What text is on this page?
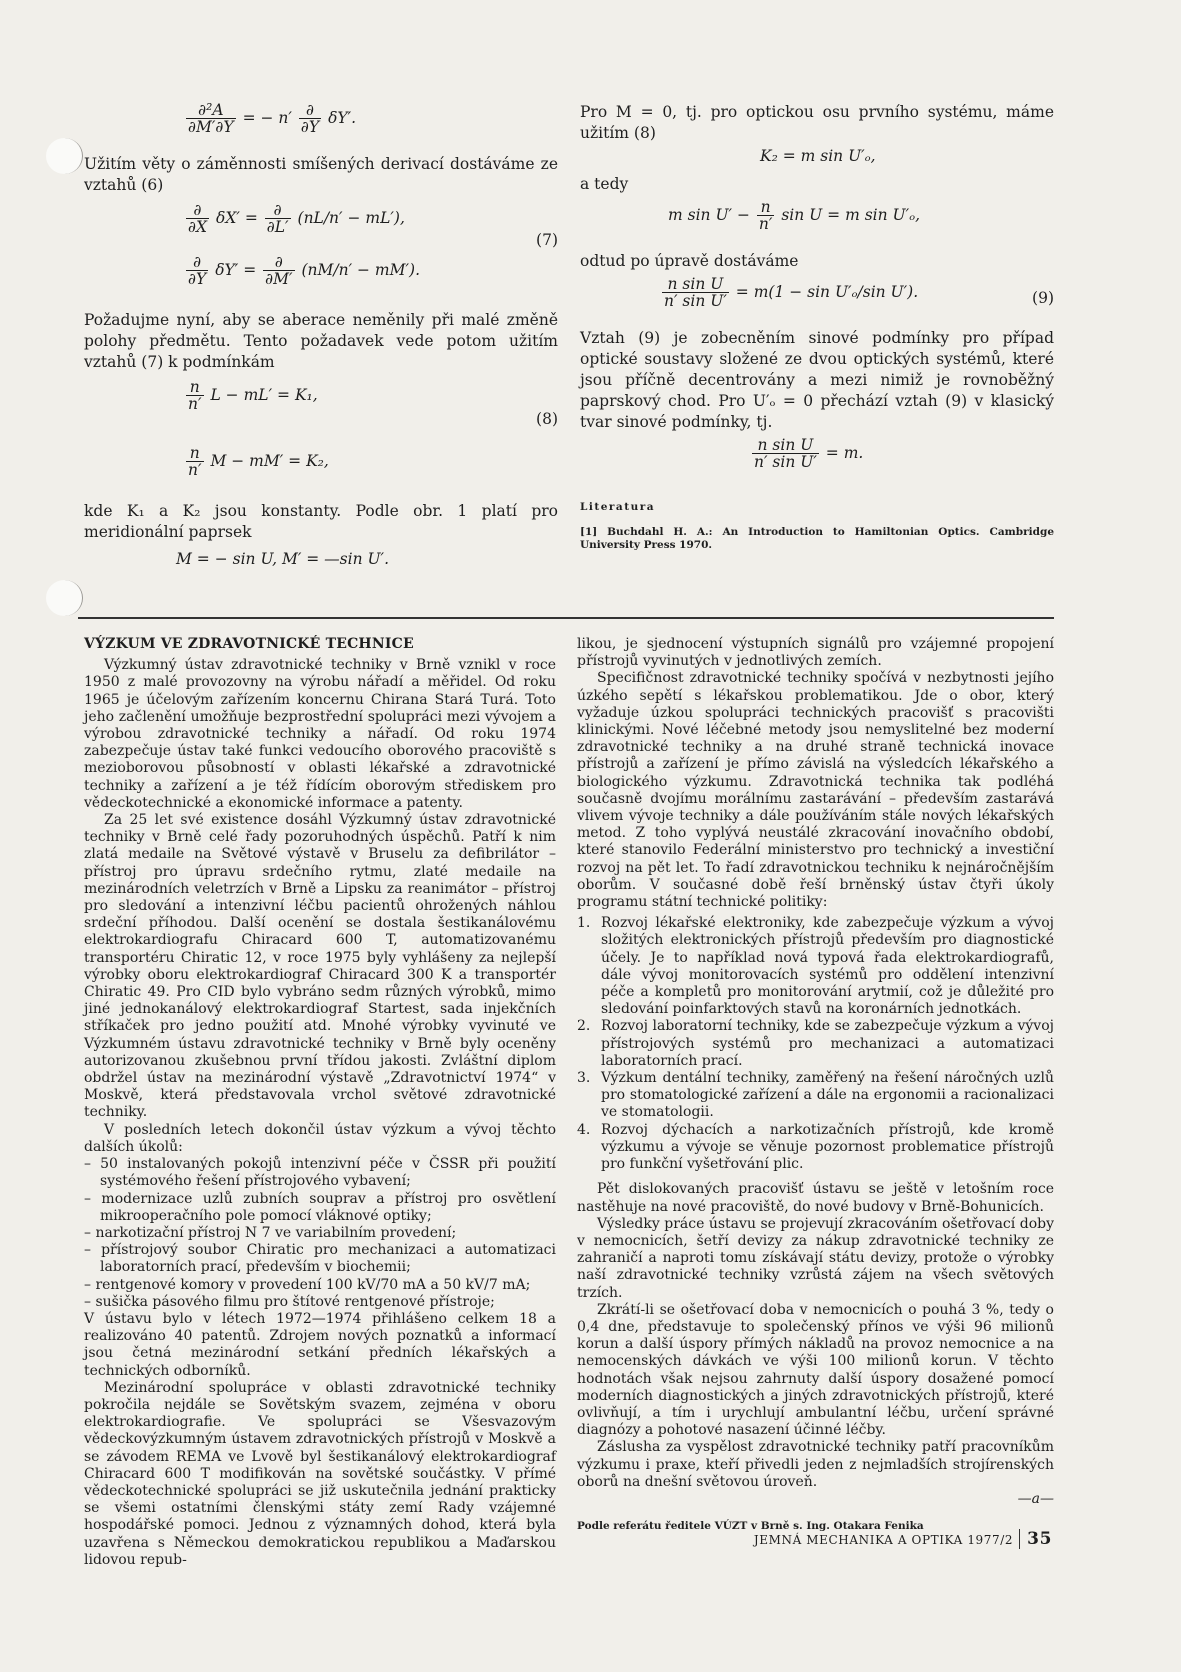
$\frac{\text{∂²A}}{\partial M'\partial Y}$ = − $n' \frac{\partial}{\partial Y} \delta Y'$.

Užitím věty o záměnnosti smíšených derivací dostáváme ze vztahů (6)

$\frac{\partial}{\partial X} \delta X' = \frac{\partial}{\partial L'} (nL/n' - mL')$,
(7)
$\frac{\partial}{\partial Y} \delta Y' = \frac{\partial}{\partial M'} (nM/n' - mM')$.

Požadujme nyní, aby se aberace neměnily při malé změně polohy předmětu. Tento požadavek vede potom užitím vztahů (7) k podmínkám

$\frac{n}{n'}$ L − mL′ = K₁,
(8)
$\frac{n}{n'}$ M − mM′ = K₂,

kde K₁ a K₂ jsou konstanty. Podle obr. 1 platí pro meridionální paprsek

M = − sin U, M′ = —sin U′.

Pro M = 0, tj. pro optickou osu prvního systému, máme užitím (8)

K₂ = m sin U′ₒ,

a tedy

m $\sin U' - \frac{n}{n'}$ sin U = m sin U′ₒ,

odtud po úpravě dostáváme

$\frac{\text{n sin U}}{\text{n′ sin U′}} = m(1 - \sin U'_o/\sin$ U′).	(9)

Vztah (9) je zobecněním sinové podmínky pro případ optické soustavy složené ze dvou optických systémů, které jsou příčně decentrovány a mezi nimiž je rovnoběžný paprskový chod. Pro U′ₒ = 0 přechází vztah (9) v klasický tvar sinové podmínky, tj.

$\frac{\text{n sin U}}{\text{n′ sin U′}} = m$.
Literatura
[1] Buchdahl H. A.: An Introduction to Hamiltonian Optics. Cambridge University Press 1970.
VÝZKUM VE ZDRAVOTNICKÉ TECHNICE

Výzkumný ústav zdravotnické techniky v Brně vznikl v roce 1950 z malé provozovny na výrobu nářadí a měřidel. Od roku 1965 je účelovým zařízením koncernu Chirana Stará Turá. Toto jeho začlenění umožňuje bezprostřední spolupráci mezi vývojem a výrobou zdravotnické techniky a nářadí. Od roku 1974 zabezpečuje ústav také funkci vedoucího oborového pracoviště s mezioborovou působností v oblasti lékařské a zdravotnické techniky a zařízení a je též řídícím oborovým střediskem pro vědeckotechnické a ekonomické informace a patenty.

Za 25 let své existence dosáhl Výzkumný ústav zdravotnické techniky v Brně celé řady pozoruhodných úspěchů. Patří k nim zlatá medaile na Světové výstavě v Bruselu za defibrilátor – přístroj pro úpravu srdečního rytmu, zlaté medaile na mezinárodních veletrzích v Brně a Lipsku za reanimátor – přístroj pro sledování a intenzivní léčbu pacientů ohrožených náhlou srdeční příhodou. Další ocenění se dostala šestikanálovému elektrokardiografu Chiracard 600 T, automatizovanému transportéru Chiratic 12, v roce 1975 byly vyhlášeny za nejlepší výrobky oboru elektrokardiograf Chiracard 300 K a transportér Chiratic 49. Pro CID bylo vybráno sedm různých výrobků, mimo jiné jednokanálový elektrokardiograf Startest, sada injekčních stříkaček pro jedno použití atd. Mnohé výrobky vyvinuté ve Výzkumném ústavu zdravotnické techniky v Brně byly oceněny autorizovanou zkušebnou první třídou jakosti. Zvláštní diplom obdržel ústav na mezinárodní výstavě „Zdravotnictví 1974“ v Moskvě, která představovala vrchol světové zdravotnické techniky.

V posledních letech dokončil ústav výzkum a vývoj těchto dalších úkolů:

– 50 instalovaných pokojů intenzivní péče v ČSSR při použití systémového řešení přístrojového vybavení;

– modernizace uzlů zubních souprav a přístroj pro osvětlení mikrooperačního pole pomocí vláknové optiky;

– narkotizační přístroj N 7 ve variabilním provedení;

– přístrojový soubor Chiratic pro mechanizaci a automatizaci laboratorních prací, především v biochemii;

– rentgenové komory v provedení 100 kV/70 mA a 50 kV/7 mA;

– sušička pásového filmu pro štítové rentgenové přístroje;

V ústavu bylo v létech 1972—1974 přihlášeno celkem 18 a realizováno 40 patentů. Zdrojem nových poznatků a informací jsou četná mezinárodní setkání předních lékařských a technických odborníků.

Mezinárodní spolupráce v oblasti zdravotnické techniky pokročila nejdále se Sovětským svazem, zejména v oboru elektrokardiografie. Ve spolupráci se Všesvazovým vědeckovýzkumným ústavem zdravotnických přístrojů v Moskvě a se závodem REMA ve Lvově byl šestikanálový elektrokardiograf Chiracard 600 T modifikován na sovětské součástky. V přímé vědeckotechnické spolupráci se již uskutečnila jednání prakticky se všemi ostatními členskými státy zemí Rady vzájemné hospodářské pomoci. Jednou z významných dohod, která byla uzavřena s Německou demokratickou republikou a Maďarskou lidovou repub-

likou, je sjednocení výstupních signálů pro vzájemné propojení přístrojů vyvinutých v jednotlivých zemích.

Specifičnost zdravotnické techniky spočívá v nezbytnosti jejího úzkého sepětí s lékařskou problematikou. Jde o obor, který vyžaduje úzkou spolupráci technických pracovišť s pracovišti klinickými. Nové léčebné metody jsou nemyslitelné bez moderní zdravotnické techniky a na druhé straně technická inovace přístrojů a zařízení je přímo závislá na výsledcích lékařského a biologického výzkumu. Zdravotnická technika tak podléhá současně dvojímu morálnímu zastarávání – především zastarává vlivem vývoje techniky a dále používáním stále nových lékařských metod. Z toho vyplývá neustálé zkracování inovačního období, které stanovilo Federální ministerstvo pro technický a investiční rozvoj na pět let. To řadí zdravotnickou techniku k nejnáročnějším oborům. V současné době řeší brněnský ústav čtyři úkoly programu státní technické politiky:

1. Rozvoj lékařské elektroniky, kde zabezpečuje výzkum a vývoj složitých elektronických přístrojů především pro diagnostické účely. Je to například nová typová řada elektrokardiografů, dále vývoj monitorovacích systémů pro oddělení intenzivní péče a kompletů pro monitorování arytmií, což je důležité pro sledování poinfarktových stavů na koronárních jednotkách.
2. Rozvoj laboratorní techniky, kde se zabezpečuje výzkum a vývoj přístrojových systémů pro mechanizaci a automatizaci laboratorních prací.
3. Výzkum dentální techniky, zaměřený na řešení náročných uzlů pro stomatologické zařízení a dále na ergonomii a racionalizaci ve stomatologii.
4. Rozvoj dýchacích a narkotizačních přístrojů, kde kromě výzkumu a vývoje se věnuje pozornost problematice přístrojů pro funkční vyšetřování plic.

Pět dislokovaných pracovišť ústavu se ještě v letošním roce nastěhuje na nové pracoviště, do nové budovy v Brně-Bohunicích.

Výsledky práce ústavu se projevují zkracováním ošetřovací doby v nemocnicích, šetří devizy za nákup zdravotnické techniky ze zahraničí a naproti tomu získávají státu devizy, protože o výrobky naší zdravotnické techniky vzrůstá zájem na všech světových trzích.

Zkrátí-li se ošetřovací doba v nemocnicích o pouhá 3 %, tedy o 0,4 dne, představuje to společenský přínos ve výši 96 milionů korun a další úspory přímých nákladů na provoz nemocnice a na nemocenských dávkách ve výši 100 milionů korun. V těchto hodnotách však nejsou zahrnuty další úspory dosažené pomocí moderních diagnostických a jiných zdravotnických přístrojů, které ovlivňují, a tím i urychlují ambulantní léčbu, určení správné diagnózy a pohotové nasazení účinné léčby.

Záslusha za vyspělost zdravotnické techniky patří pracovníkům výzkumu i praxe, kteří přivedli jeden z nejmladších strojírenských oborů na dnešní světovou úroveň.

—a—
Podle referátu ředitele VÚZT v Brně s. Ing. Otakara Fenika
JEMNÁ MECHANIKA A OPTIKA 1977/2 35
